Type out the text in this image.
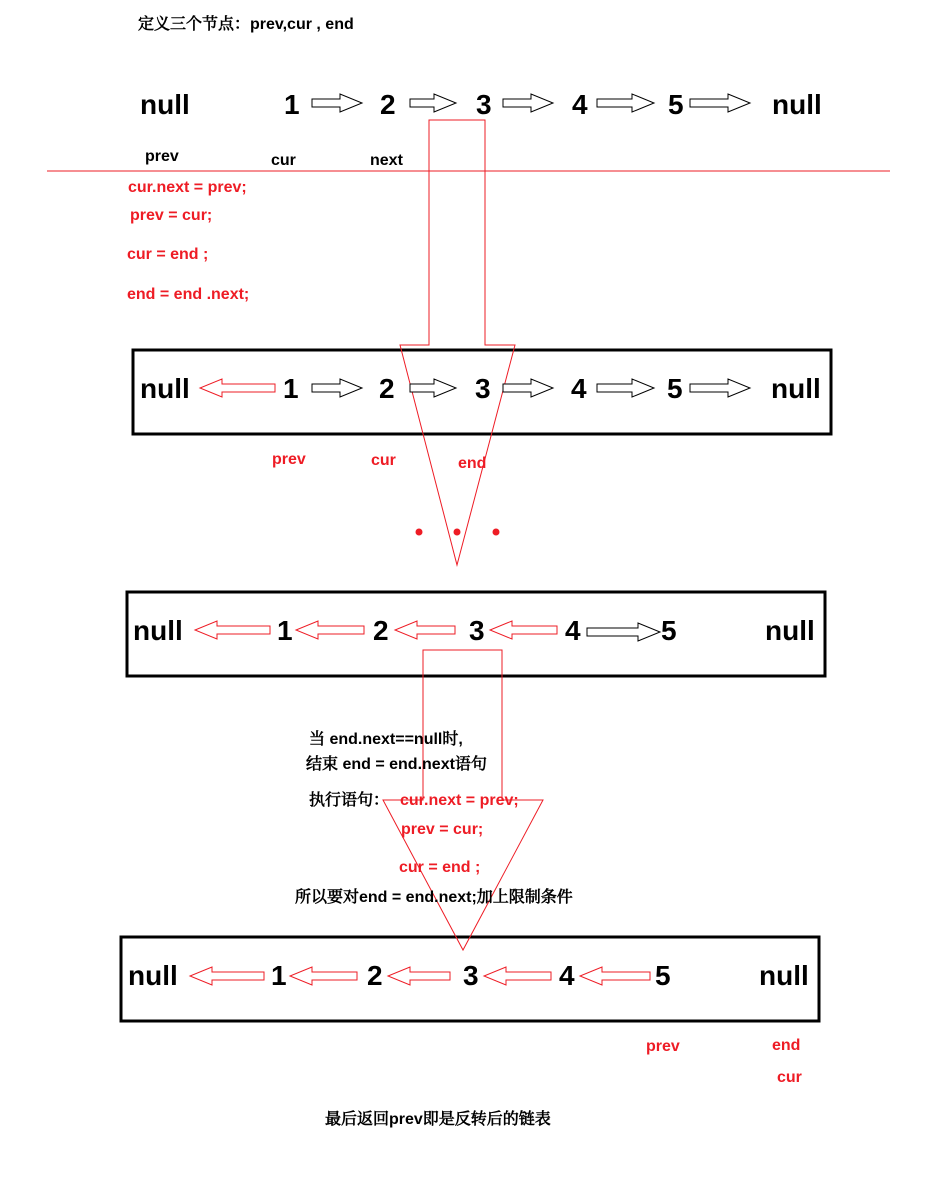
定义三个节点：prev,cur , end
null	1	2	3	4	5	null
prev	cur	next
cur.next = prev;
prev = cur;
cur = end ;
end = end .next;
null	1	2	3	4	5	null
prev	cur	end
null	1	2	3	4	5	null
当 end.next==null时,
结束 end = end.next语句
执行语句： cur.next = prev;
prev = cur;
cur = end ;
所以要对end = end.next;加上限制条件
null	1	2	3	4	5	null
prev	end
cur
最后返回prev即是反转后的链表
